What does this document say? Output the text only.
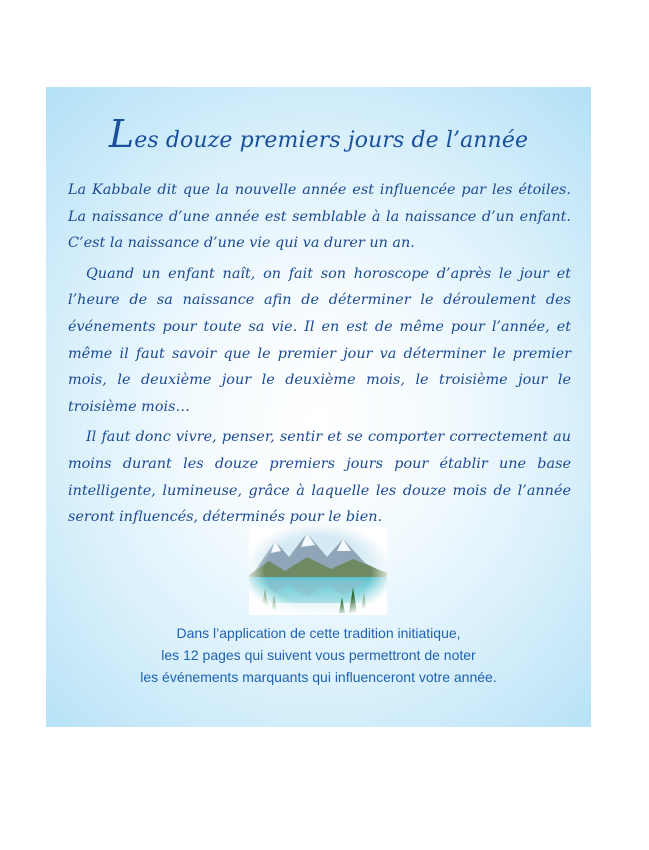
Les douze premiers jours de l’année

La Kabbale dit que la nouvelle année est influencée par les étoiles. La naissance d’une année est semblable à la naissance d’un enfant. C’est la naissance d’une vie qui va durer un an.

Quand un enfant naît, on fait son horoscope d’après le jour et l’heure de sa naissance afin de déterminer le déroulement des événements pour toute sa vie. Il en est de même pour l’année, et même il faut savoir que le premier jour va déterminer le premier mois, le deuxième jour le deuxième mois, le troisième jour le troisième mois…

Il faut donc vivre, penser, sentir et se comporter correctement au moins durant les douze premiers jours pour établir une base intelligente, lumineuse, grâce à laquelle les douze mois de l’année seront influencés, déterminés pour le bien.

Dans l’application de cette tradition initiatique,
les 12 pages qui suivent vous permettront de noter
les événements marquants qui influenceront votre année.
